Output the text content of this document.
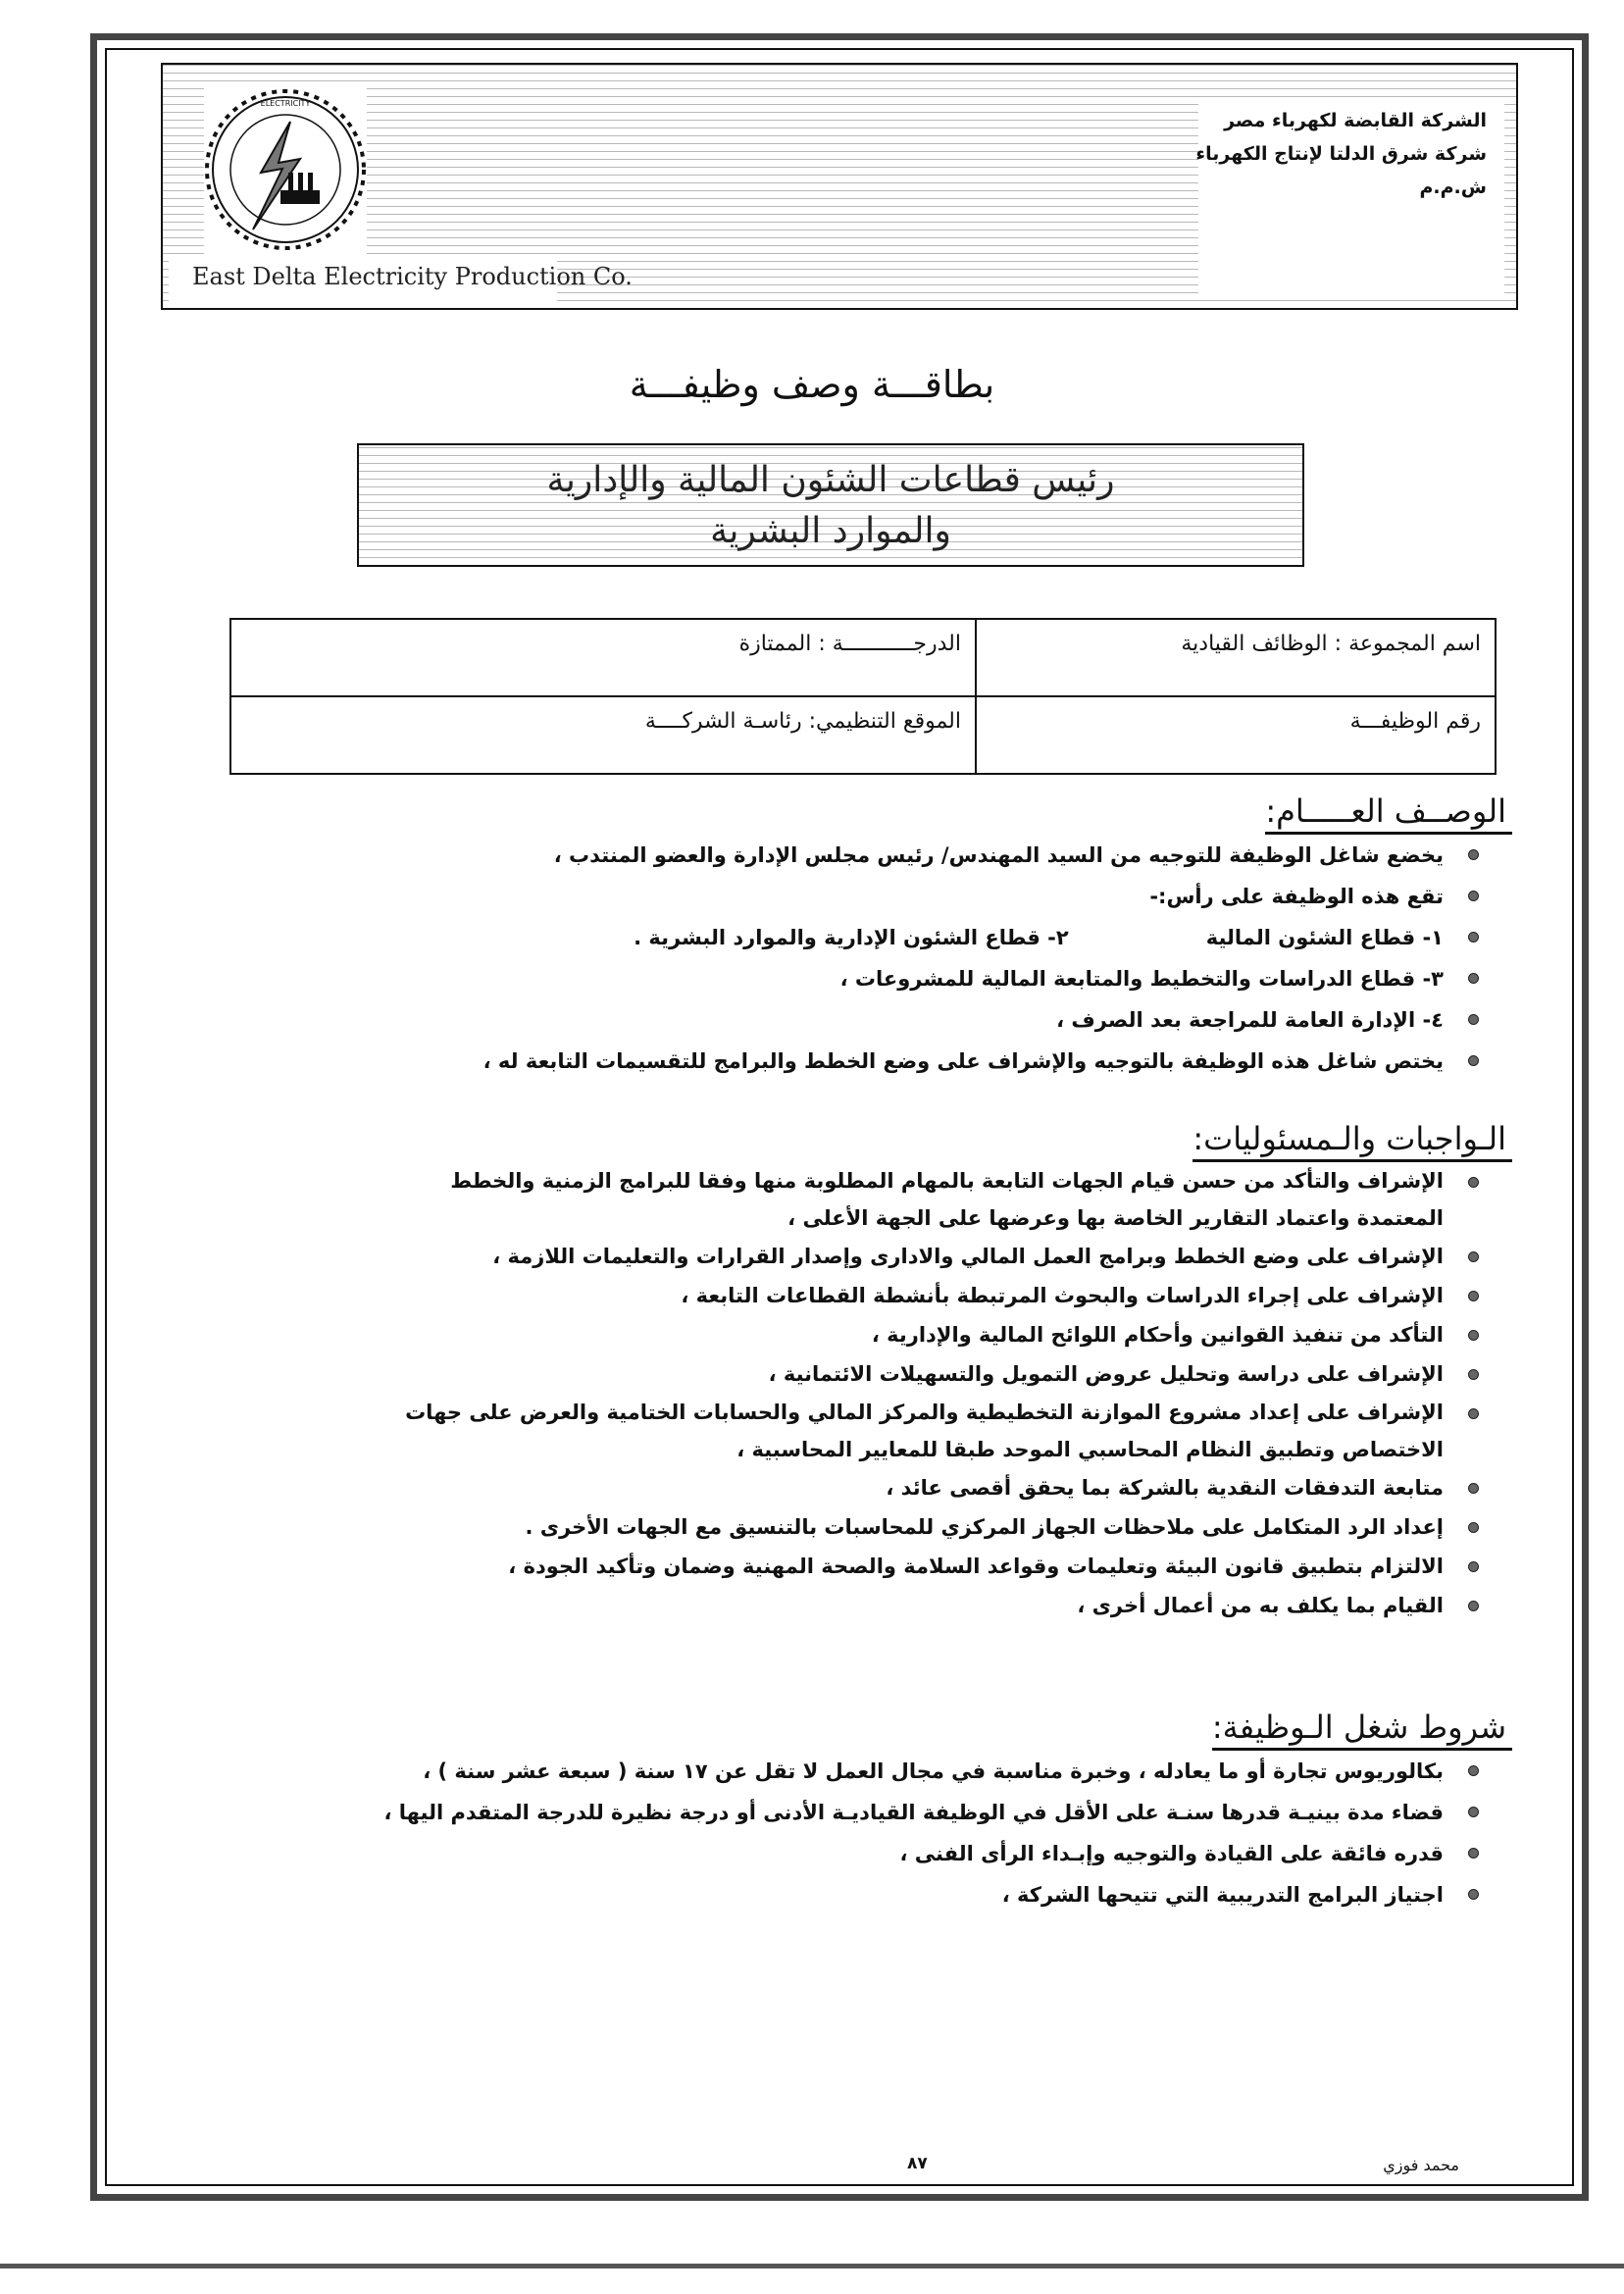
ELECTRICITY
East Delta Electricity Production Co.
الشركة القابضة لكهرباء مصر
شركة شرق الدلتا لإنتاج الكهرباء
ش.م.م
بطاقـــة وصف وظيفـــة
رئيس قطاعات الشئون المالية والإدارية
والموارد البشرية
اسم المجموعة : الوظائف القيادية	الدرجـــــــــــة : الممتازة
رقم الوظيفـــة	الموقع التنظيمي: رئاسـة الشركــــة
الوصــف العـــــام:
يخضع شاغل الوظيفة للتوجيه من السيد المهندس/ رئيس مجلس الإدارة والعضو المنتدب ،
تقع هذه الوظيفة على رأس:-
١- قطاع الشئون المالية٢- قطاع الشئون الإدارية والموارد البشرية .
٣- قطاع الدراسات والتخطيط والمتابعة المالية للمشروعات ،
٤- الإدارة العامة للمراجعة بعد الصرف ،
يختص شاغل هذه الوظيفة بالتوجيه والإشراف على وضع الخطط والبرامج للتقسيمات التابعة له ،
الـواجبات والـمسئوليات:
الإشراف والتأكد من حسن قيام الجهات التابعة بالمهام المطلوبة منها وفقا للبرامج الزمنية والخطط
المعتمدة واعتماد التقارير الخاصة بها وعرضها على الجهة الأعلى ،
الإشراف على وضع الخطط وبرامج العمل المالي والادارى وإصدار القرارات والتعليمات اللازمة ،
الإشراف على إجراء الدراسات والبحوث المرتبطة بأنشطة القطاعات التابعة ،
التأكد من تنفيذ القوانين وأحكام اللوائح المالية والإدارية ،
الإشراف على دراسة وتحليل عروض التمويل والتسهيلات الائتمانية ،
الإشراف على إعداد مشروع الموازنة التخطيطية والمركز المالي والحسابات الختامية والعرض على جهات
الاختصاص وتطبيق النظام المحاسبي الموحد طبقا للمعايير المحاسبية ،
متابعة التدفقات النقدية بالشركة بما يحقق أقصى عائد ،
إعداد الرد المتكامل على ملاحظات الجهاز المركزي للمحاسبات بالتنسيق مع الجهات الأخرى .
الالتزام بتطبيق قانون البيئة وتعليمات وقواعد السلامة والصحة المهنية وضمان وتأكيد الجودة ،
القيام بما يكلف به من أعمال أخرى ،
شروط شغل الـوظيفة:
بكالوريوس تجارة أو ما يعادله ، وخبرة مناسبة في مجال العمل لا تقل عن ١٧ سنة ( سبعة عشر سنة ) ،
قضاء مدة بينيـة قدرها سنـة على الأقل في الوظيفة القياديـة الأدنى أو درجة نظيرة للدرجة المتقدم اليها ،
قدره فائقة على القيادة والتوجيه وإبـداء الرأى الفنى ،
اجتياز البرامج التدريبية التي تتيحها الشركة ،
٨٧	محمد فوزي
